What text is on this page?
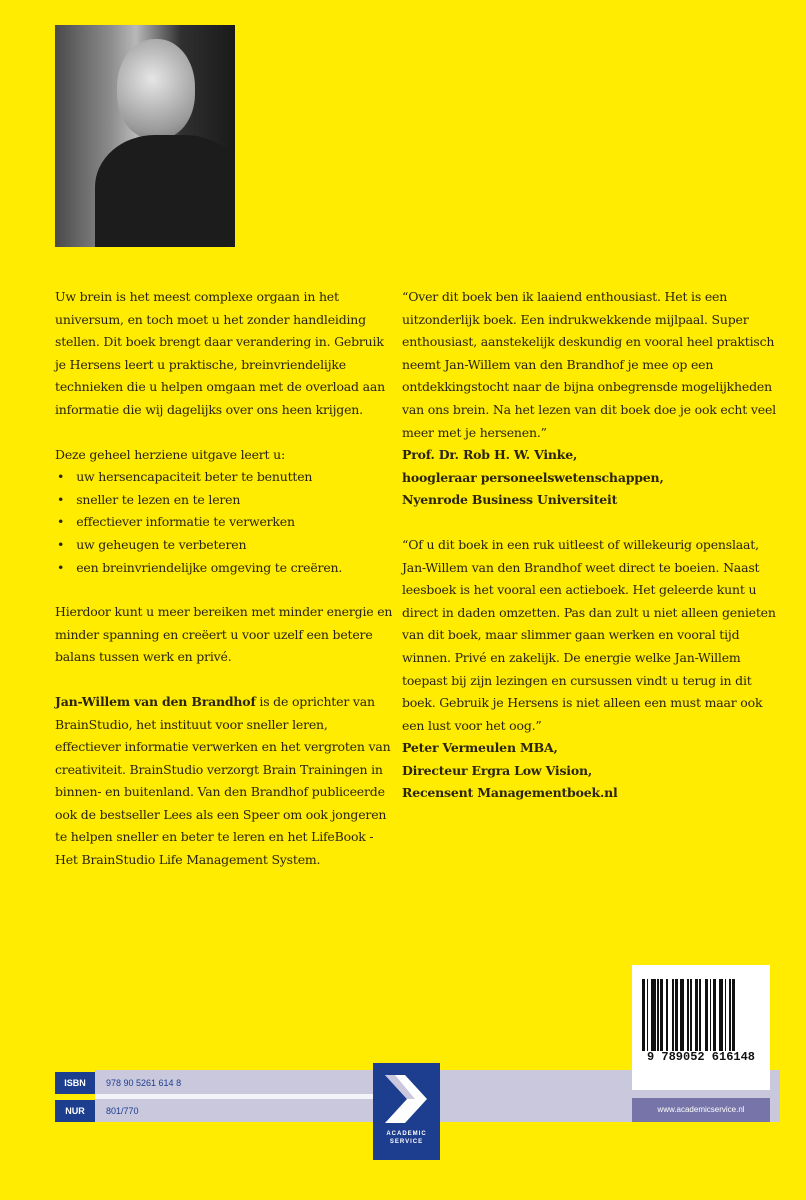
Uw brein is het meest complexe orgaan in het universum, en toch moet u het zonder handleiding stellen. Dit boek brengt daar verandering in. Gebruik je Hersens leert u praktische, breinvriendelijke technieken die u helpen omgaan met de overload aan informatie die wij dagelijks over ons heen krijgen.

Deze geheel herziene uitgave leert u:
• uw hersencapaciteit beter te benutten
• sneller te lezen en te leren
• effectiever informatie te verwerken
• uw geheugen te verbeteren
• een breinvriendelijke omgeving te creëren.

Hierdoor kunt u meer bereiken met minder energie en minder spanning en creëert u voor uzelf een betere balans tussen werk en privé.

Jan-Willem van den Brandhof is de oprichter van BrainStudio, het instituut voor sneller leren, effectiever informatie verwerken en het vergroten van creativiteit. BrainStudio verzorgt Brain Trainingen in binnen- en buitenland. Van den Brandhof publiceerde ook de bestseller Lees als een Speer om ook jongeren te helpen sneller en beter te leren en het LifeBook - Het BrainStudio Life Management System.

“Over dit boek ben ik laaiend enthousiast. Het is een uitzonderlijk boek. Een indrukwekkende mijlpaal. Super enthousiast, aanstekelijk deskundig en vooral heel praktisch neemt Jan-Willem van den Brandhof je mee op een ontdekkingstocht naar de bijna onbegrensde mogelijkheden van ons brein. Na het lezen van dit boek doe je ook echt veel meer met je hersenen.”

Prof. Dr. Rob H. W. Vinke,
hoogleraar personeelswetenschappen,
Nyenrode Business Universiteit

“Of u dit boek in een ruk uitleest of willekeurig openslaat, Jan-Willem van den Brandhof weet direct te boeien. Naast leesboek is het vooral een actieboek. Het geleerde kunt u direct in daden omzetten. Pas dan zult u niet alleen genieten van dit boek, maar slimmer gaan werken en vooral tijd winnen. Privé en zakelijk. De energie welke Jan-Willem toepast bij zijn lezingen en cursussen vindt u terug in dit boek. Gebruik je Hersens is niet alleen een must maar ook een lust voor het oog.”

Peter Vermeulen MBA,
Directeur Ergra Low Vision,
Recensent Managementboek.nl

ISBN	978 90 5261 614 8
NUR	801/770
ACADEMIC SERVICE
9 789052 616148
www.academicservice.nl
